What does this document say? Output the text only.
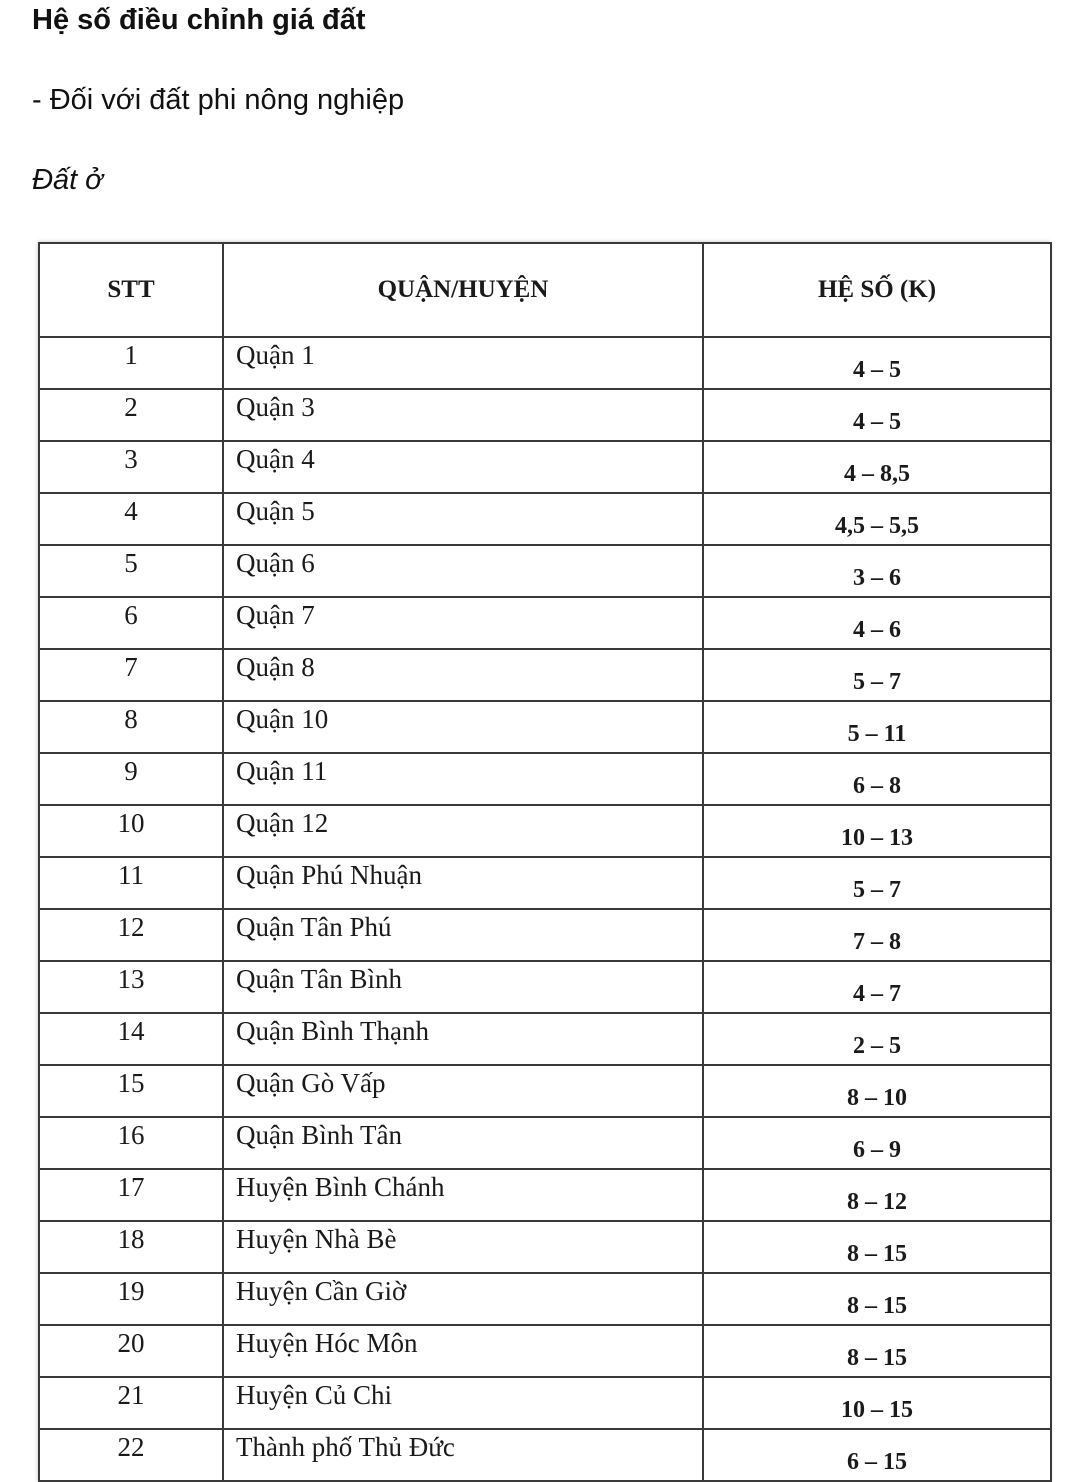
Hệ số điều chỉnh giá đất

- Đối với đất phi nông nghiệp

Đất ở

STT	QUẬN/HUYỆN	HỆ SỐ (K)
1	Quận 1	4 – 5
2	Quận 3	4 – 5
3	Quận 4	4 – 8,5
4	Quận 5	4,5 – 5,5
5	Quận 6	3 – 6
6	Quận 7	4 – 6
7	Quận 8	5 – 7
8	Quận 10	5 – 11
9	Quận 11	6 – 8
10	Quận 12	10 – 13
11	Quận Phú Nhuận	5 – 7
12	Quận Tân Phú	7 – 8
13	Quận Tân Bình	4 – 7
14	Quận Bình Thạnh	2 – 5
15	Quận Gò Vấp	8 – 10
16	Quận Bình Tân	6 – 9
17	Huyện Bình Chánh	8 – 12
18	Huyện Nhà Bè	8 – 15
19	Huyện Cần Giờ	8 – 15
20	Huyện Hóc Môn	8 – 15
21	Huyện Củ Chi	10 – 15
22	Thành phố Thủ Đức	6 – 15
